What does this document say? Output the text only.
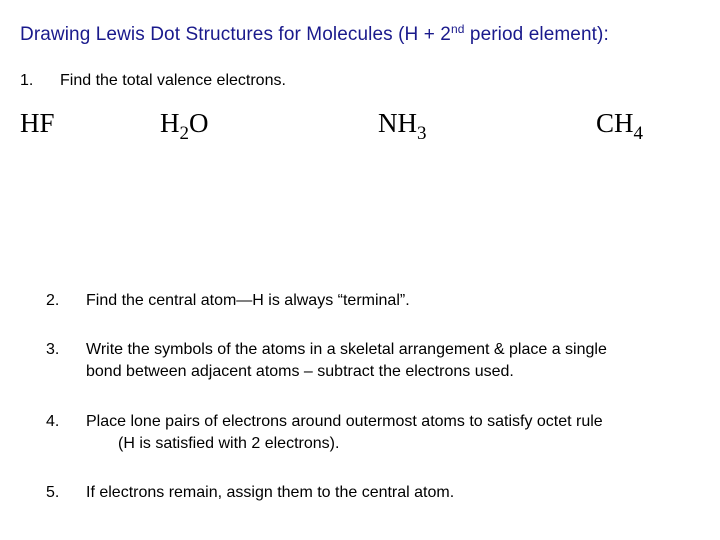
Drawing Lewis Dot Structures for Molecules (H + 2nd period element):
1. Find the total valence electrons.
HF	$H_2O$	$NH_3$	$CH_4$
2. Find the central atom—H is always “terminal”.
3. Write the symbols of the atoms in a skeletal arrangement & place a single
bond between adjacent atoms – subtract the electrons used.
4. Place lone pairs of electrons around outermost atoms to satisfy octet rule
(H is satisfied with 2 electrons).
5. If electrons remain, assign them to the central atom.
